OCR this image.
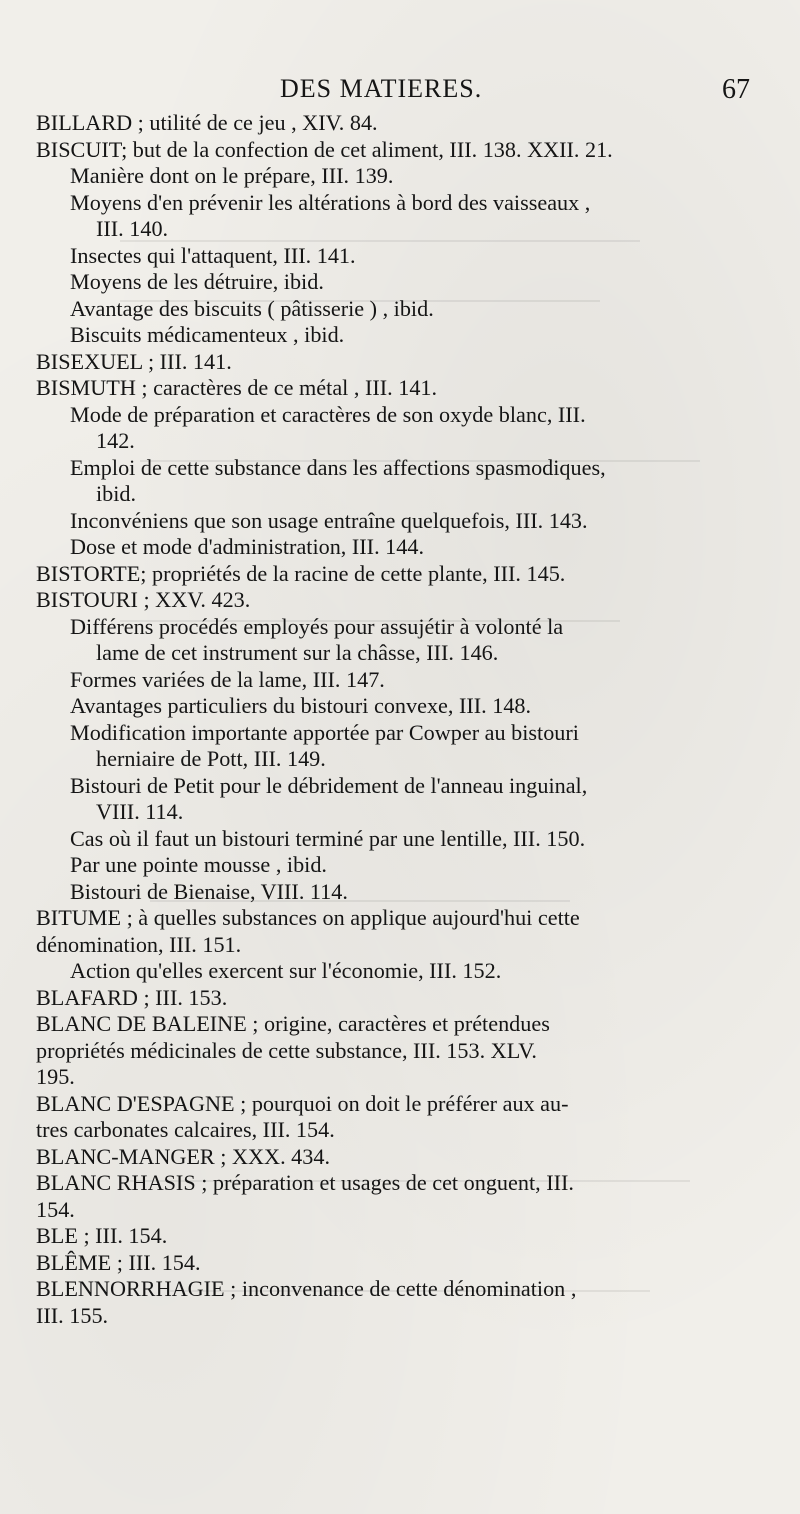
DES MATIERES.	67
BILLARD ; utilité de ce jeu , XIV. 84.
BISCUIT; but de la confection de cet aliment, III. 138. XXII. 21.
Manière dont on le prépare, III. 139.
Moyens d'en prévenir les altérations à bord des vaisseaux ,
III. 140.
Insectes qui l'attaquent, III. 141.
Moyens de les détruire, ibid.
Avantage des biscuits ( pâtisserie ) , ibid.
Biscuits médicamenteux , ibid.
BISEXUEL ; III. 141.
BISMUTH ; caractères de ce métal , III. 141.
Mode de préparation et caractères de son oxyde blanc, III.
142.
Emploi de cette substance dans les affections spasmodiques,
ibid.
Inconvéniens que son usage entraîne quelquefois, III. 143.
Dose et mode d'administration, III. 144.
BISTORTE; propriétés de la racine de cette plante, III. 145.
BISTOURI ; XXV. 423.
Différens procédés employés pour assujétir à volonté la
lame de cet instrument sur la châsse, III. 146.
Formes variées de la lame, III. 147.
Avantages particuliers du bistouri convexe, III. 148.
Modification importante apportée par Cowper au bistouri
herniaire de Pott, III. 149.
Bistouri de Petit pour le débridement de l'anneau inguinal,
VIII. 114.
Cas où il faut un bistouri terminé par une lentille, III. 150.
Par une pointe mousse , ibid.
Bistouri de Bienaise, VIII. 114.
BITUME ; à quelles substances on applique aujourd'hui cette
dénomination, III. 151.
Action qu'elles exercent sur l'économie, III. 152.
BLAFARD ; III. 153.
BLANC DE BALEINE ; origine, caractères et prétendues
propriétés médicinales de cette substance, III. 153. XLV.
195.
BLANC D'ESPAGNE ; pourquoi on doit le préférer aux au-
tres carbonates calcaires, III. 154.
BLANC-MANGER ; XXX. 434.
BLANC RHASIS ; préparation et usages de cet onguent, III.
154.
BLE ; III. 154.
BLÊME ; III. 154.
BLENNORRHAGIE ; inconvenance de cette dénomination ,
III. 155.
